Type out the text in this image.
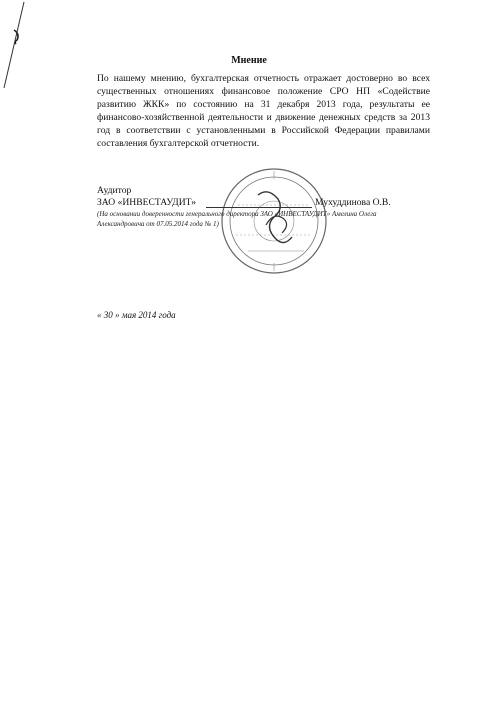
Мнение
По нашему мнению, бухгалтерская отчетность отражает достоверно во всех существенных отношениях финансовое положение СРО НП «Содействие развитию ЖКК» по состоянию на 31 декабря 2013 года, результаты ее финансово-хозяйственной деятельности и движение денежных средств за 2013 год в соответствии с установленными в Российской Федерации правилами составления бухгалтерской отчетности.
Аудитор
ЗАО «ИНВЕСТАУДИТ»	Мухуддинова О.В.
(На основании доверенности генерального директора ЗАО «ИНВЕСТАУДИТ» Амелина Олега
Александровича от 07.05.2014 года № 1)
« 30 » мая 2014 года
